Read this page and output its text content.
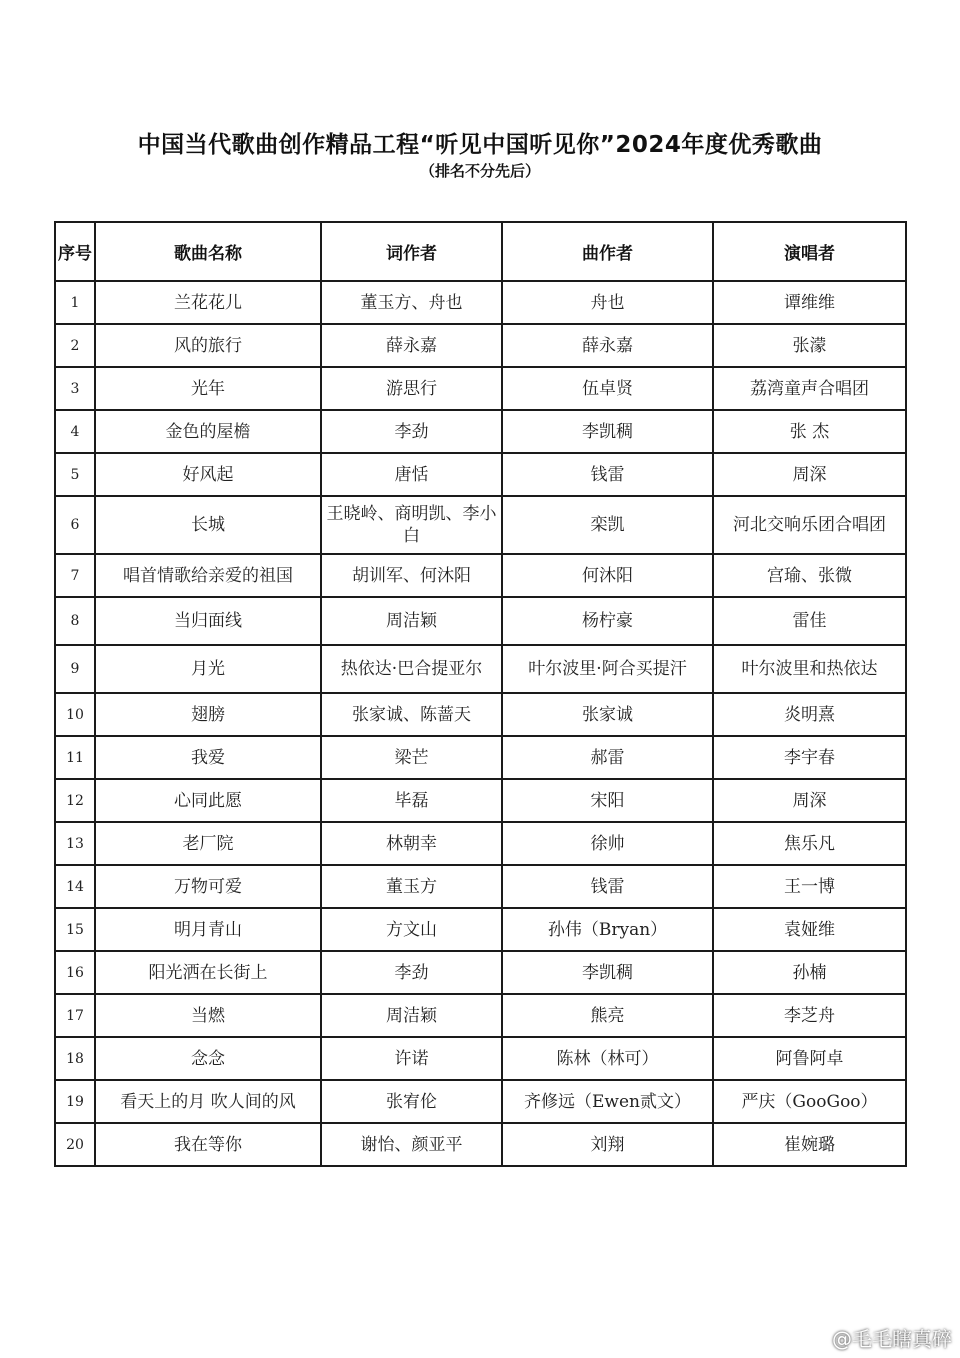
中国当代歌曲创作精品工程“听见中国听见你”2024年度优秀歌曲
（排名不分先后）
序号	歌曲名称	词作者	曲作者	演唱者
1	兰花花儿	董玉方、舟也	舟也	谭维维
2	风的旅行	薛永嘉	薛永嘉	张濛
3	光年	游思行	伍卓贤	荔湾童声合唱团
4	金色的屋檐	李劲	李凯稠	张 杰
5	好风起	唐恬	钱雷	周深
6	长城	王晓岭、商明凯、李小白	栾凯	河北交响乐团合唱团
7	唱首情歌给亲爱的祖国	胡训军、何沐阳	何沐阳	宫瑜、张微
8	当归面线	周洁颖	杨柠豪	雷佳
9	月光	热依达·巴合提亚尔	叶尔波里·阿合买提汗	叶尔波里和热依达
10	翅膀	张家诚、陈蔷天	张家诚	炎明熹
11	我爱	梁芒	郝雷	李宇春
12	心同此愿	毕磊	宋阳	周深
13	老厂院	林朝幸	徐帅	焦乐凡
14	万物可爱	董玉方	钱雷	王一博
15	明月青山	方文山	孙伟（Bryan）	袁娅维
16	阳光洒在长街上	李劲	李凯稠	孙楠
17	当燃	周洁颖	熊亮	李芝舟
18	念念	许诺	陈林（林可）	阿鲁阿卓
19	看天上的月 吹人间的风	张宥伦	齐修远（Ewen贰文）	严庆（GooGoo）
20	我在等你	谢怡、颜亚平	刘翔	崔婉璐
@毛毛瞎真碎
